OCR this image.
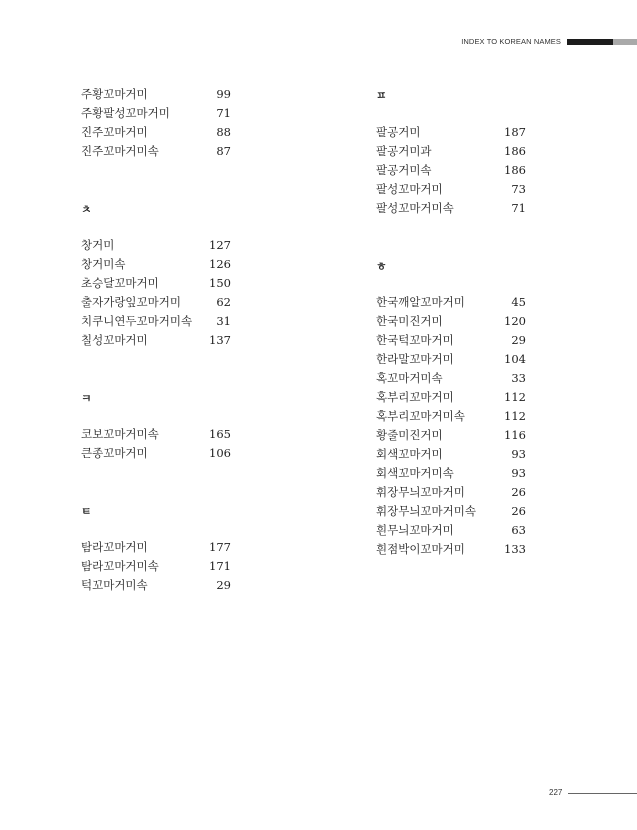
INDEX TO KOREAN NAMES
주황꼬마거미	99
주황팔성꼬마거미	71
진주꼬마거미	88
진주꼬마거미속	87
ㅊ
창거미	127
창거미속	126
초승달꼬마거미	150
출자가랑잎꼬마거미	62
치쿠니연두꼬마거미속 31
칠성꼬마거미	137
ㅋ
코보꼬마거미속	165
큰종꼬마거미	106
ㅌ
탐라꼬마거미	177
탐라꼬마거미속	171
턱꼬마거미속	29
ㅍ
팔공거미	187
팔공거미과	186
팔공거미속	186
팔성꼬마거미	73
팔성꼬마거미속	71
ㅎ
한국깨알꼬마거미	45
한국미진거미	120
한국턱꼬마거미	29
한라말꼬마거미	104
혹꼬마거미속	33
혹부리꼬마거미	112
혹부리꼬마거미속	112
황줄미진거미	116
회색꼬마거미	93
회색꼬마거미속	93
휘장무늬꼬마거미	26
휘장무늬꼬마거미속	26
흰무늬꼬마거미	63
흰점박이꼬마거미	133
227
